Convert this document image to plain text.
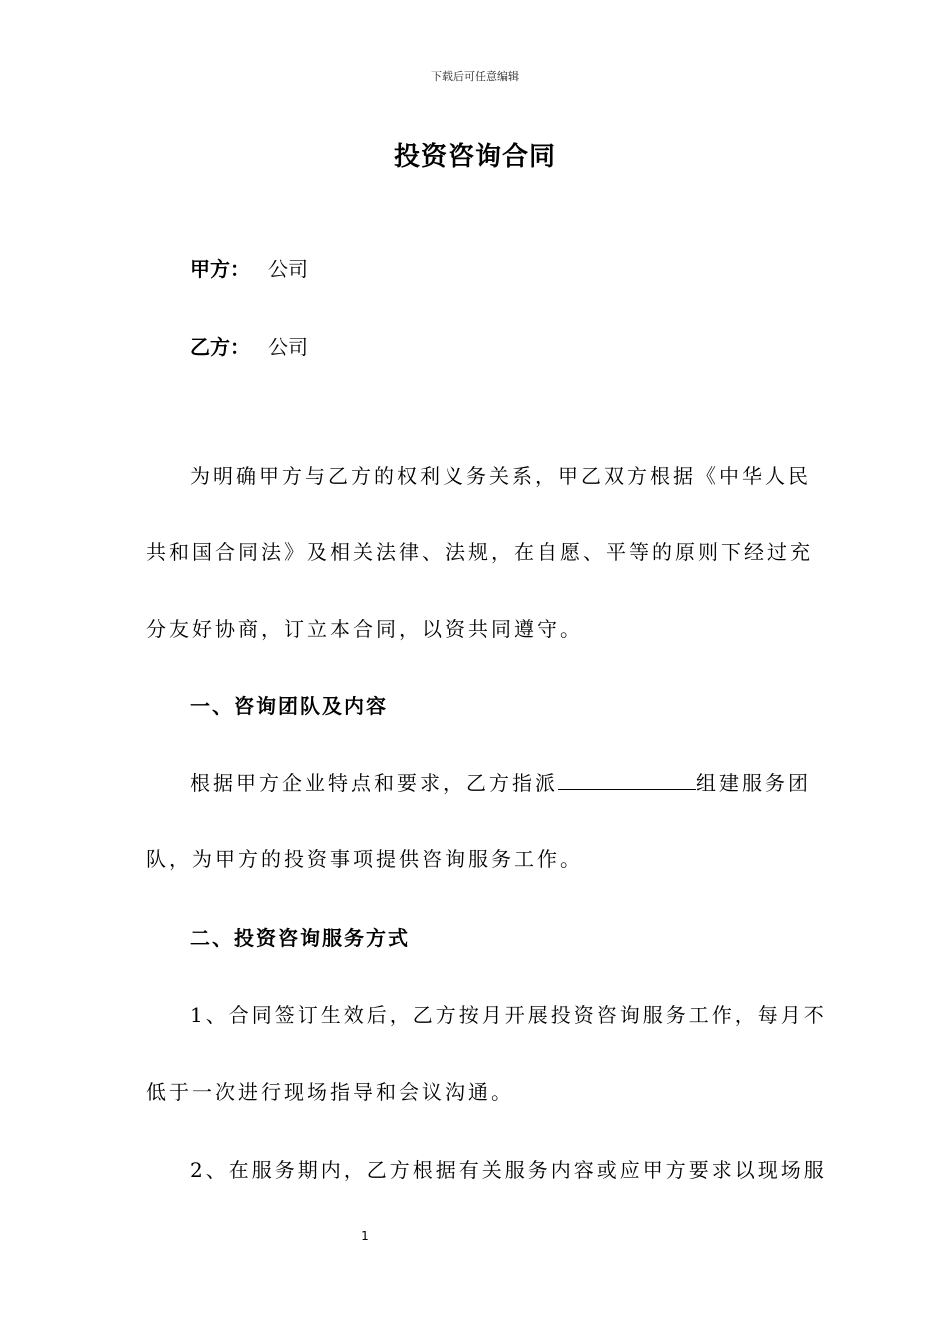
下载后可任意编辑
投资咨询合同
甲方： 公司
乙方： 公司
为明确甲方与乙方的权利义务关系，甲乙双方根据《中华人民
共和国合同法》及相关法律、法规，在自愿、平等的原则下经过充
分友好协商，订立本合同，以资共同遵守。
一、咨询团队及内容
根据甲方企业特点和要求，乙方指派	组建服务团
队，为甲方的投资事项提供咨询服务工作。
二、投资咨询服务方式
1、合同签订生效后，乙方按月开展投资咨询服务工作，每月不
低于一次进行现场指导和会议沟通。
2、在服务期内，乙方根据有关服务内容或应甲方要求以现场服
1
